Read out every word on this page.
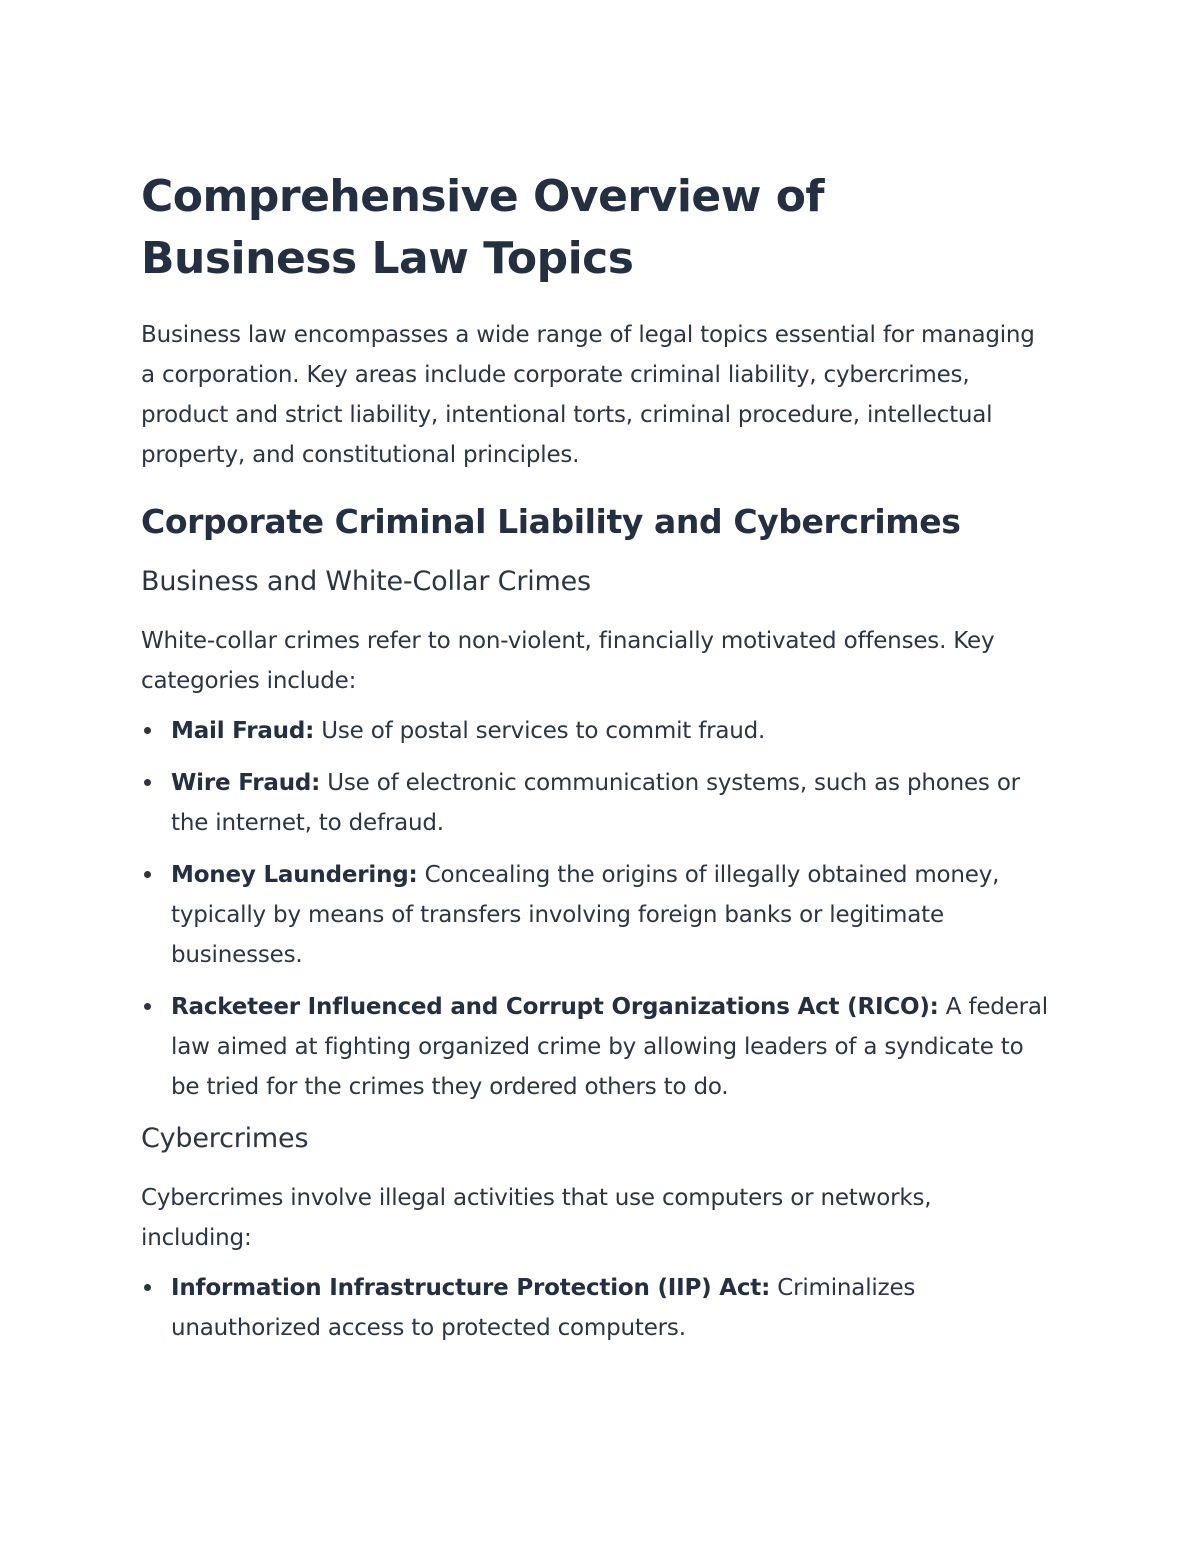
Comprehensive Overview of Business Law Topics

Business law encompasses a wide range of legal topics essential for managing a corporation. Key areas include corporate criminal liability, cybercrimes, product and strict liability, intentional torts, criminal procedure, intellectual property, and constitutional principles.

Corporate Criminal Liability and Cybercrimes
Business and White-Collar Crimes

White-collar crimes refer to non-violent, financially motivated offenses. Key categories include:

Mail Fraud: Use of postal services to commit fraud.
Wire Fraud: Use of electronic communication systems, such as phones or the internet, to defraud.
Money Laundering: Concealing the origins of illegally obtained money, typically by means of transfers involving foreign banks or legitimate businesses.
Racketeer Influenced and Corrupt Organizations Act (RICO): A federal law aimed at fighting organized crime by allowing leaders of a syndicate to be tried for the crimes they ordered others to do.
Cybercrimes

Cybercrimes involve illegal activities that use computers or networks, including:

Information Infrastructure Protection (IIP) Act: Criminalizes unauthorized access to protected computers.
